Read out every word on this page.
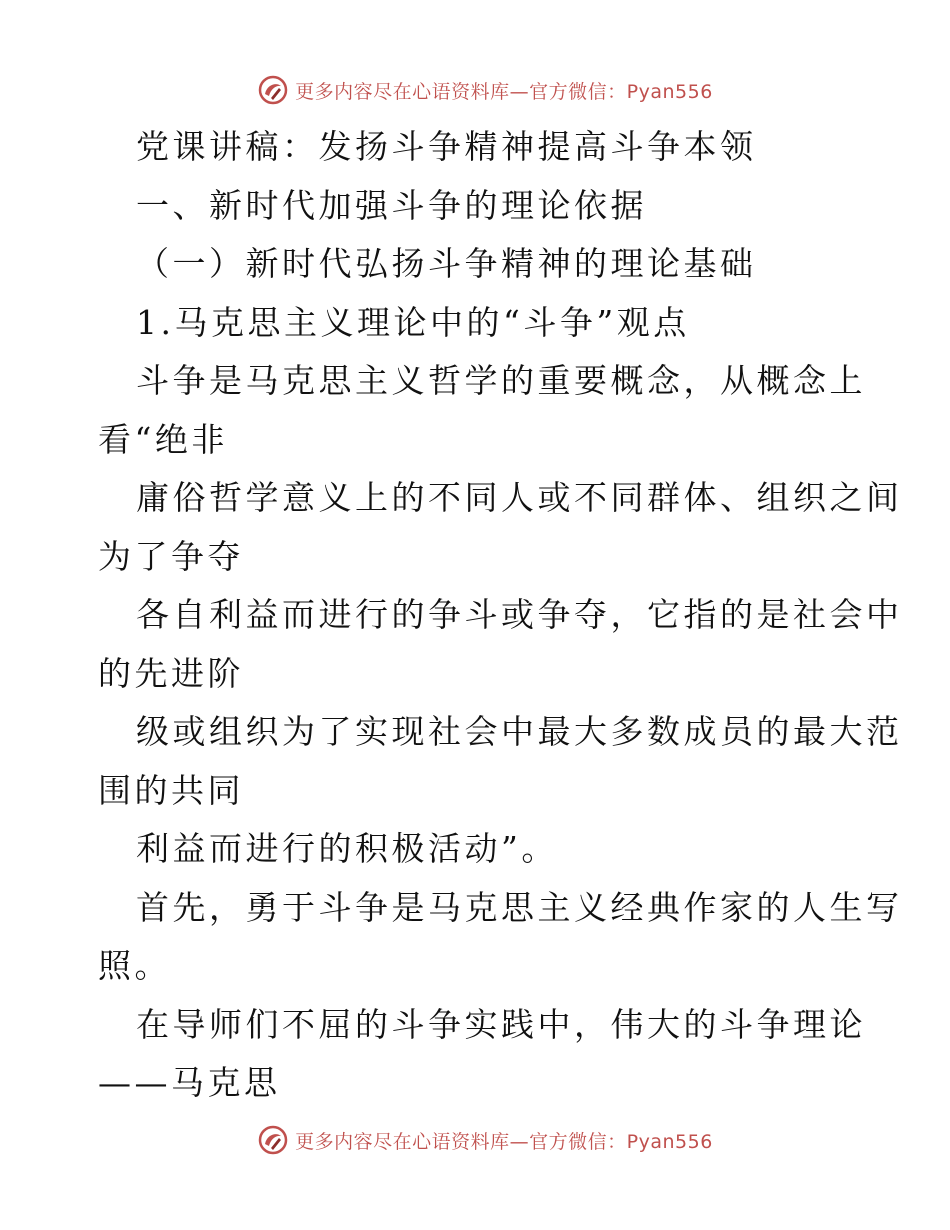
更多内容尽在心语资料库—官方微信：Pyan556
党课讲稿：发扬斗争精神提高斗争本领
一、新时代加强斗争的理论依据
（一）新时代弘扬斗争精神的理论基础
1.马克思主义理论中的“斗争”观点
斗争是马克思主义哲学的重要概念，从概念上
看“绝非
庸俗哲学意义上的不同人或不同群体、组织之间
为了争夺
各自利益而进行的争斗或争夺，它指的是社会中
的先进阶
级或组织为了实现社会中最大多数成员的最大范
围的共同
利益而进行的积极活动”。
首先，勇于斗争是马克思主义经典作家的人生写
照。
在导师们不屈的斗争实践中，伟大的斗争理论
——马克思
更多内容尽在心语资料库—官方微信：Pyan556
